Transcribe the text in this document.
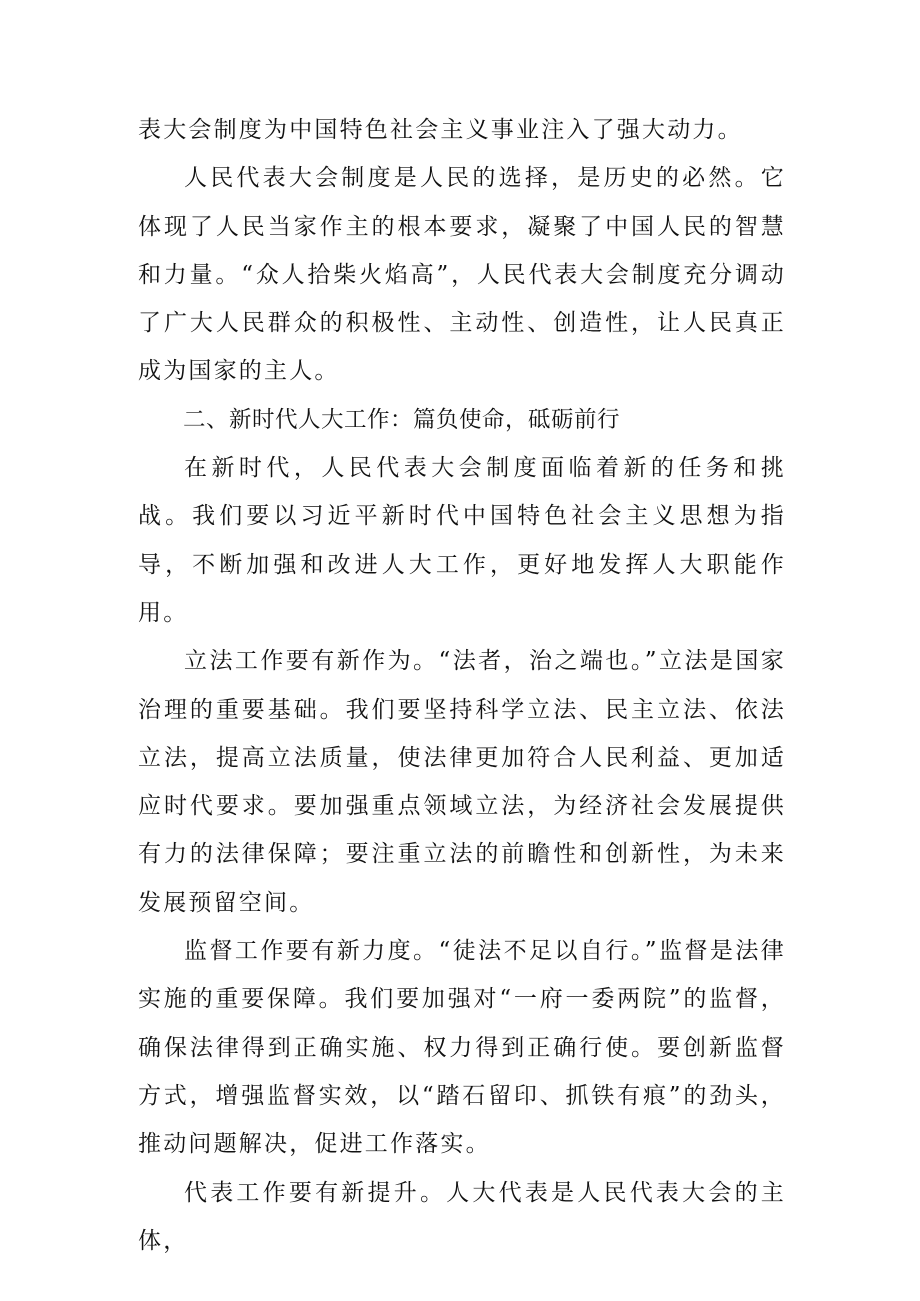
表大会制度为中国特色社会主义事业注入了强大动力。

人民代表大会制度是人民的选择，是历史的必然。它体现了人民当家作主的根本要求，凝聚了中国人民的智慧和力量。“众人拾柴火焰高”，人民代表大会制度充分调动了广大人民群众的积极性、主动性、创造性，让人民真正成为国家的主人。

二、新时代人大工作：篇负使命，砥砺前行

在新时代，人民代表大会制度面临着新的任务和挑战。我们要以习近平新时代中国特色社会主义思想为指导，不断加强和改进人大工作，更好地发挥人大职能作用。

立法工作要有新作为。“法者，治之端也。”立法是国家治理的重要基础。我们要坚持科学立法、民主立法、依法立法，提高立法质量，使法律更加符合人民利益、更加适应时代要求。要加强重点领域立法，为经济社会发展提供有力的法律保障；要注重立法的前瞻性和创新性，为未来发展预留空间。

监督工作要有新力度。“徒法不足以自行。”监督是法律实施的重要保障。我们要加强对“一府一委两院”的监督，确保法律得到正确实施、权力得到正确行使。要创新监督方式，增强监督实效，以“踏石留印、抓铁有痕”的劲头，推动问题解决，促进工作落实。

代表工作要有新提升。人大代表是人民代表大会的主体，
